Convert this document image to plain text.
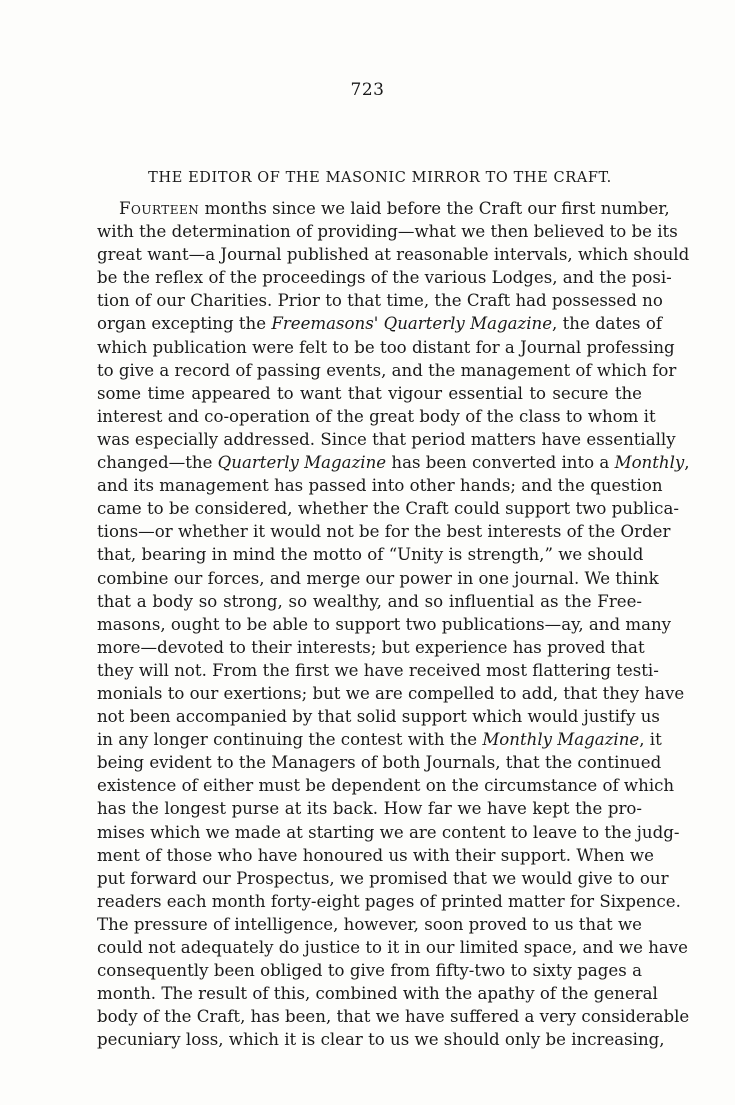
723
THE EDITOR OF THE MASONIC MIRROR TO THE CRAFT.
Fourteen months since we laid before the Craft our first number,
with the determination of providing—what we then believed to be its
great want—a Journal published at reasonable intervals, which should
be the reflex of the proceedings of the various Lodges, and the posi-
tion of our Charities. Prior to that time, the Craft had possessed no
organ excepting the Freemasons' Quarterly Magazine, the dates of
which publication were felt to be too distant for a Journal professing
to give a record of passing events, and the management of which for
some time appeared to want that vigour essential to secure the
interest and co-operation of the great body of the class to whom it
was especially addressed. Since that period matters have essentially
changed—the Quarterly Magazine has been converted into a Monthly,
and its management has passed into other hands; and the question
came to be considered, whether the Craft could support two publica-
tions—or whether it would not be for the best interests of the Order
that, bearing in mind the motto of “Unity is strength,” we should
combine our forces, and merge our power in one journal. We think
that a body so strong, so wealthy, and so influential as the Free-
masons, ought to be able to support two publications—ay, and many
more—devoted to their interests; but experience has proved that
they will not. From the first we have received most flattering testi-
monials to our exertions; but we are compelled to add, that they have
not been accompanied by that solid support which would justify us
in any longer continuing the contest with the Monthly Magazine, it
being evident to the Managers of both Journals, that the continued
existence of either must be dependent on the circumstance of which
has the longest purse at its back. How far we have kept the pro-
mises which we made at starting we are content to leave to the judg-
ment of those who have honoured us with their support. When we
put forward our Prospectus, we promised that we would give to our
readers each month forty-eight pages of printed matter for Sixpence.
The pressure of intelligence, however, soon proved to us that we
could not adequately do justice to it in our limited space, and we have
consequently been obliged to give from fifty-two to sixty pages a
month. The result of this, combined with the apathy of the general
body of the Craft, has been, that we have suffered a very considerable
pecuniary loss, which it is clear to us we should only be increasing,
